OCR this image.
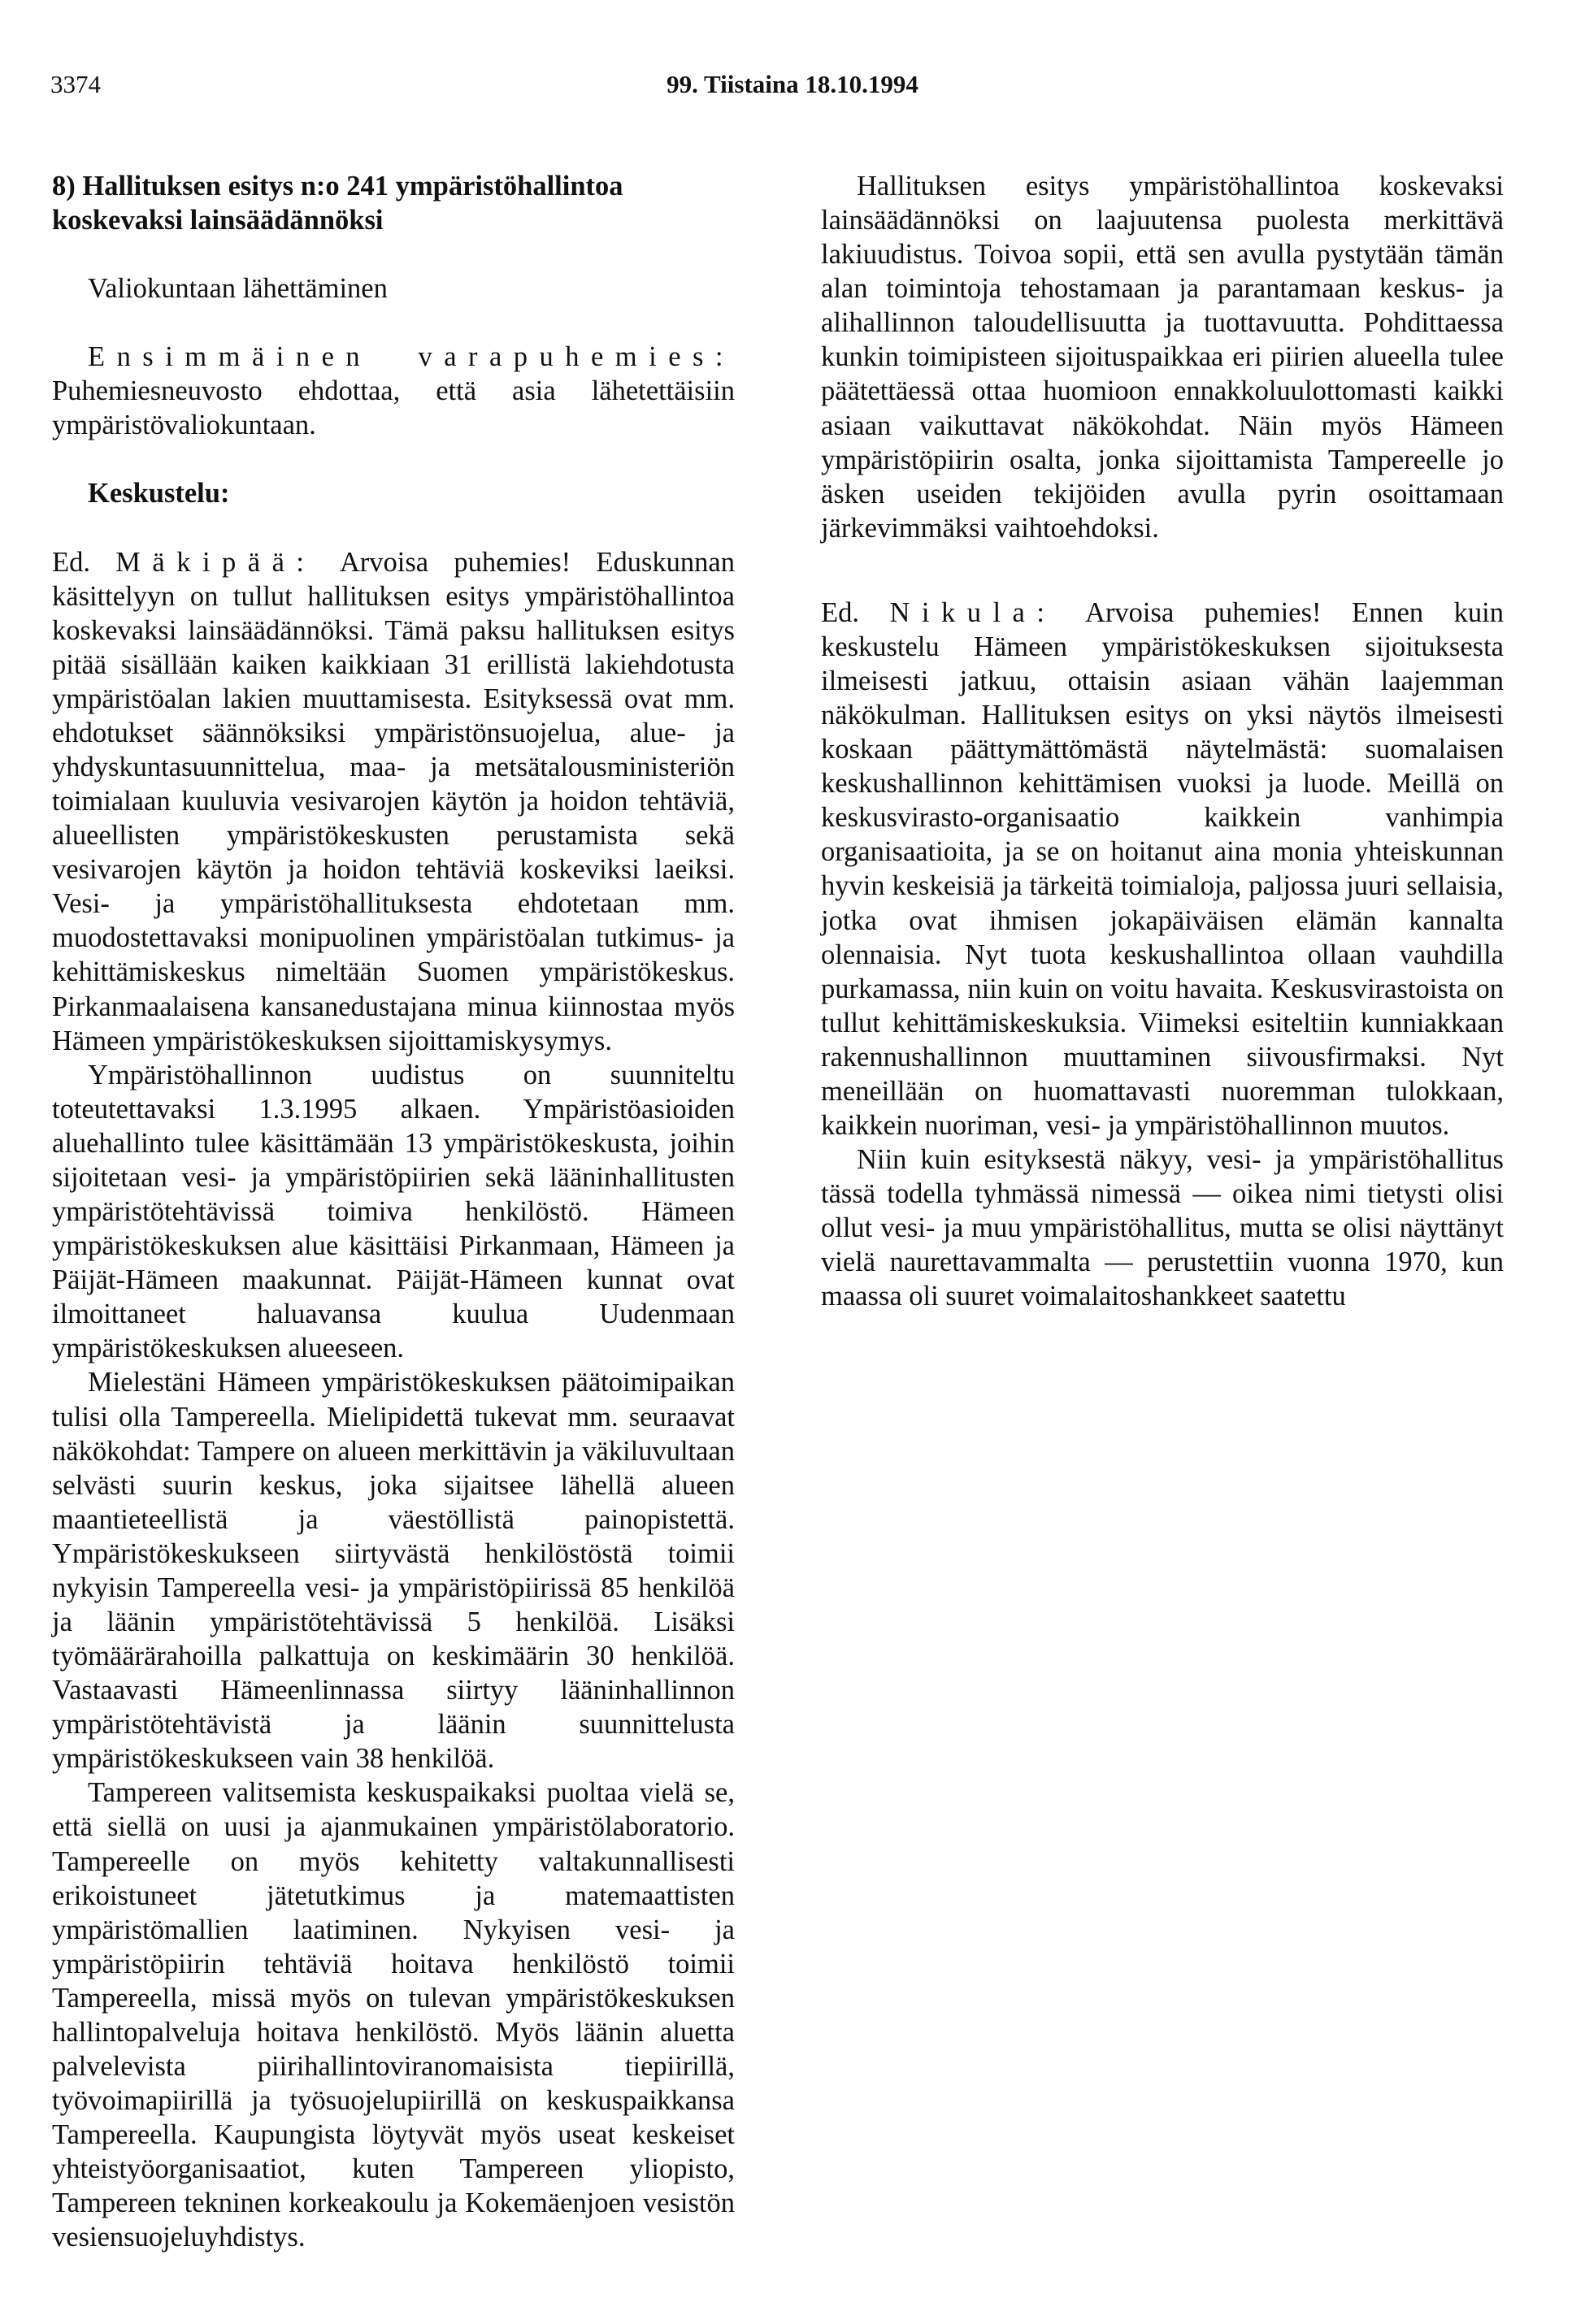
3374	99. Tiistaina 18.10.1994
8) Hallituksen esitys n:o 241 ympäristöhallintoa
koskevaksi lainsäädännöksi

Valiokuntaan lähettäminen

Ensimmäinen varapuhemies: Puhemiesneuvosto ehdottaa, että asia lähetettäisiin ympäristövaliokuntaan.

Keskustelu:

Ed. Mäkipää: Arvoisa puhemies! Eduskunnan käsittelyyn on tullut hallituksen esitys ympäristöhallintoa koskevaksi lainsäädännöksi. Tämä paksu hallituksen esitys pitää sisällään kaiken kaikkiaan 31 erillistä lakiehdotusta ympäristöalan lakien muuttamisesta. Esityksessä ovat mm. ehdotukset säännöksiksi ympäristönsuojelua, alue- ja yhdyskuntasuunnittelua, maa- ja metsätalousministeriön toimialaan kuuluvia vesivarojen käytön ja hoidon tehtäviä, alueellisten ympäristökeskusten perustamista sekä vesivarojen käytön ja hoidon tehtäviä koskeviksi laeiksi. Vesi- ja ympäristöhallituksesta ehdotetaan mm. muodostettavaksi monipuolinen ympäristöalan tutkimus- ja kehittämiskeskus nimeltään Suomen ympäristökeskus. Pirkanmaalaisena kansanedustajana minua kiinnostaa myös Hämeen ympäristökeskuksen sijoittamiskysymys.

Ympäristöhallinnon uudistus on suunniteltu toteutettavaksi 1.3.1995 alkaen. Ympäristöasioiden aluehallinto tulee käsittämään 13 ympäristökeskusta, joihin sijoitetaan vesi- ja ympäristöpiirien sekä lääninhallitusten ympäristötehtävissä toimiva henkilöstö. Hämeen ympäristökeskuksen alue käsittäisi Pirkanmaan, Hämeen ja Päijät-Hämeen maakunnat. Päijät-Hämeen kunnat ovat ilmoittaneet haluavansa kuulua Uudenmaan ympäristökeskuksen alueeseen.

Mielestäni Hämeen ympäristökeskuksen päätoimipaikan tulisi olla Tampereella. Mielipidettä tukevat mm. seuraavat näkökohdat: Tampere on alueen merkittävin ja väkiluvultaan selvästi suurin keskus, joka sijaitsee lähellä alueen maantieteellistä ja väestöllistä painopistettä. Ympäristökeskukseen siirtyvästä henkilöstöstä toimii nykyisin Tampereella vesi- ja ympäristöpiirissä 85 henkilöä ja läänin ympäristötehtävissä 5 henkilöä. Lisäksi työmäärärahoilla palkattuja on keskimäärin 30 henkilöä. Vastaavasti Hämeenlinnassa siirtyy lääninhallinnon ympäristötehtävistä ja läänin suunnittelusta ympäristökeskukseen vain 38 henkilöä.

Tampereen valitsemista keskuspaikaksi puoltaa vielä se, että siellä on uusi ja ajanmukainen ympäristölaboratorio. Tampereelle on myös kehitetty valtakunnallisesti erikoistuneet jätetutkimus ja matemaattisten ympäristömallien laatiminen. Nykyisen vesi- ja ympäristöpiirin tehtäviä hoitava henkilöstö toimii Tampereella, missä myös on tulevan ympäristökeskuksen hallintopalveluja hoitava henkilöstö. Myös läänin aluetta palvelevista piirihallintoviranomaisista tiepiirillä, työvoimapiirillä ja työsuojelupiirillä on keskuspaikkansa Tampereella. Kaupungista löytyvät myös useat keskeiset yhteistyöorganisaatiot, kuten Tampereen yliopisto, Tampereen tekninen korkeakoulu ja Kokemäenjoen vesistön vesiensuojeluyhdistys.

Hallituksen esitys ympäristöhallintoa koskevaksi lainsäädännöksi on laajuutensa puolesta merkittävä lakiuudistus. Toivoa sopii, että sen avulla pystytään tämän alan toimintoja tehostamaan ja parantamaan keskus- ja alihallinnon taloudellisuutta ja tuottavuutta. Pohdittaessa kunkin toimipisteen sijoituspaikkaa eri piirien alueella tulee päätettäessä ottaa huomioon ennakkoluulottomasti kaikki asiaan vaikuttavat näkökohdat. Näin myös Hämeen ympäristöpiirin osalta, jonka sijoittamista Tampereelle jo äsken useiden tekijöiden avulla pyrin osoittamaan järkevimmäksi vaihtoehdoksi.

Ed. Nikula: Arvoisa puhemies! Ennen kuin keskustelu Hämeen ympäristökeskuksen sijoituksesta ilmeisesti jatkuu, ottaisin asiaan vähän laajemman näkökulman. Hallituksen esitys on yksi näytös ilmeisesti koskaan päättymättömästä näytelmästä: suomalaisen keskushallinnon kehittämisen vuoksi ja luode. Meillä on keskusvirasto-organisaatio kaikkein vanhimpia organisaatioita, ja se on hoitanut aina monia yhteiskunnan hyvin keskeisiä ja tärkeitä toimialoja, paljossa juuri sellaisia, jotka ovat ihmisen jokapäiväisen elämän kannalta olennaisia. Nyt tuota keskushallintoa ollaan vauhdilla purkamassa, niin kuin on voitu havaita. Keskusvirastoista on tullut kehittämiskeskuksia. Viimeksi esiteltiin kunniakkaan rakennushallinnon muuttaminen siivousfirmaksi. Nyt meneillään on huomattavasti nuoremman tulokkaan, kaikkein nuoriman, vesi- ja ympäristöhallinnon muutos.

Niin kuin esityksestä näkyy, vesi- ja ympäristöhallitus tässä todella tyhmässä nimessä — oikea nimi tietysti olisi ollut vesi- ja muu ympäristöhallitus, mutta se olisi näyttänyt vielä naurettavammalta — perustettiin vuonna 1970, kun maassa oli suuret voimalaitoshankkeet saatettu
